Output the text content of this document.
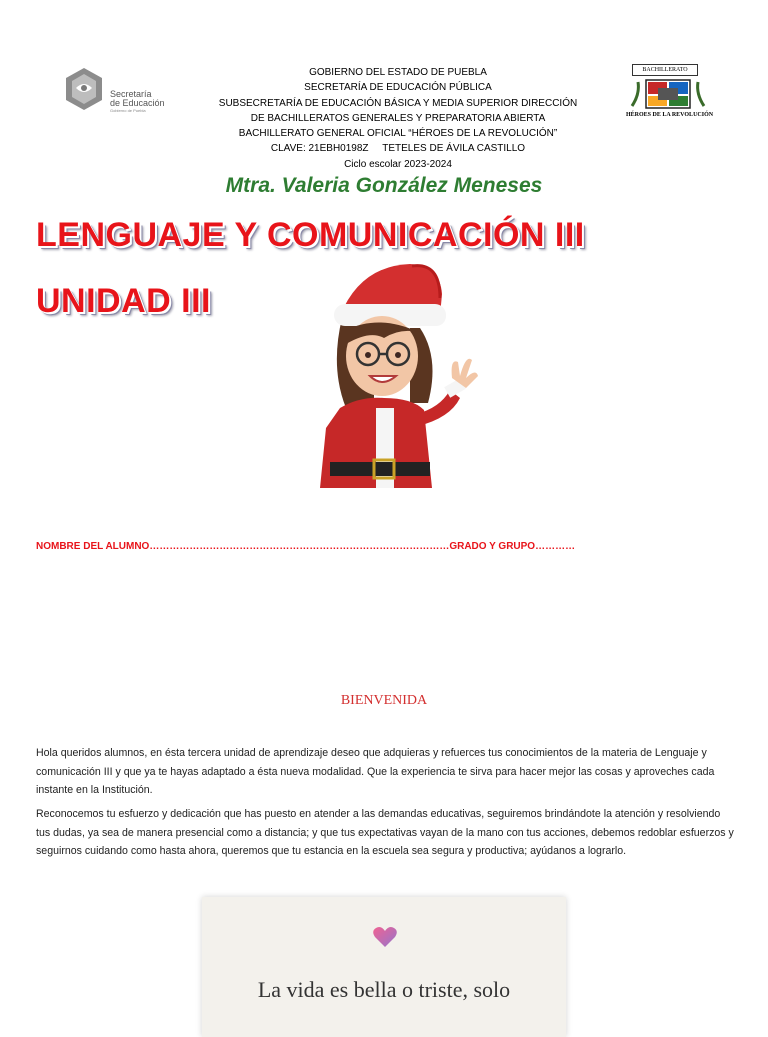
Secretaría
de Educación
Gobierno de Puebla
GOBIERNO DEL ESTADO DE PUEBLA
SECRETARÍA DE EDUCACIÓN PÚBLICA
SUBSECRETARÍA DE EDUCACIÓN BÁSICA Y MEDIA SUPERIOR DIRECCIÓN
DE BACHILLERATOS GENERALES Y PREPARATORIA ABIERTA
BACHILLERATO GENERAL OFICIAL “HÉROES DE LA REVOLUCIÓN”
CLAVE: 21EBH0198Z     TETELES DE ÁVILA CASTILLO
Ciclo escolar 2023-2024
BACHILLERATO
HÉROES DE LA REVOLUCIÓN
Mtra. Valeria González Meneses
LENGUAJE Y COMUNICACIÓN III
UNIDAD III
NOMBRE DEL ALUMNO………………………………………………………………………………GRADO Y GRUPO…………
BIENVENIDA
Hola queridos alumnos, en ésta tercera unidad de aprendizaje deseo que adquieras y refuerces tus conocimientos de la materia de Lenguaje y comunicación III y que ya te hayas adaptado a ésta nueva modalidad. Que la experiencia te sirva para hacer mejor las cosas y aproveches cada instante en la Institución.
Reconocemos tu esfuerzo y dedicación que has puesto en atender a las demandas educativas, seguiremos brindándote la atención y resolviendo tus dudas, ya sea de manera presencial como a distancia; y que tus expectativas vayan de la mano con tus acciones, debemos redoblar esfuerzos y seguirnos cuidando como hasta ahora, queremos que tu estancia en la escuela sea segura y productiva; ayúdanos a lograrlo.
La vida es bella o triste, solo
